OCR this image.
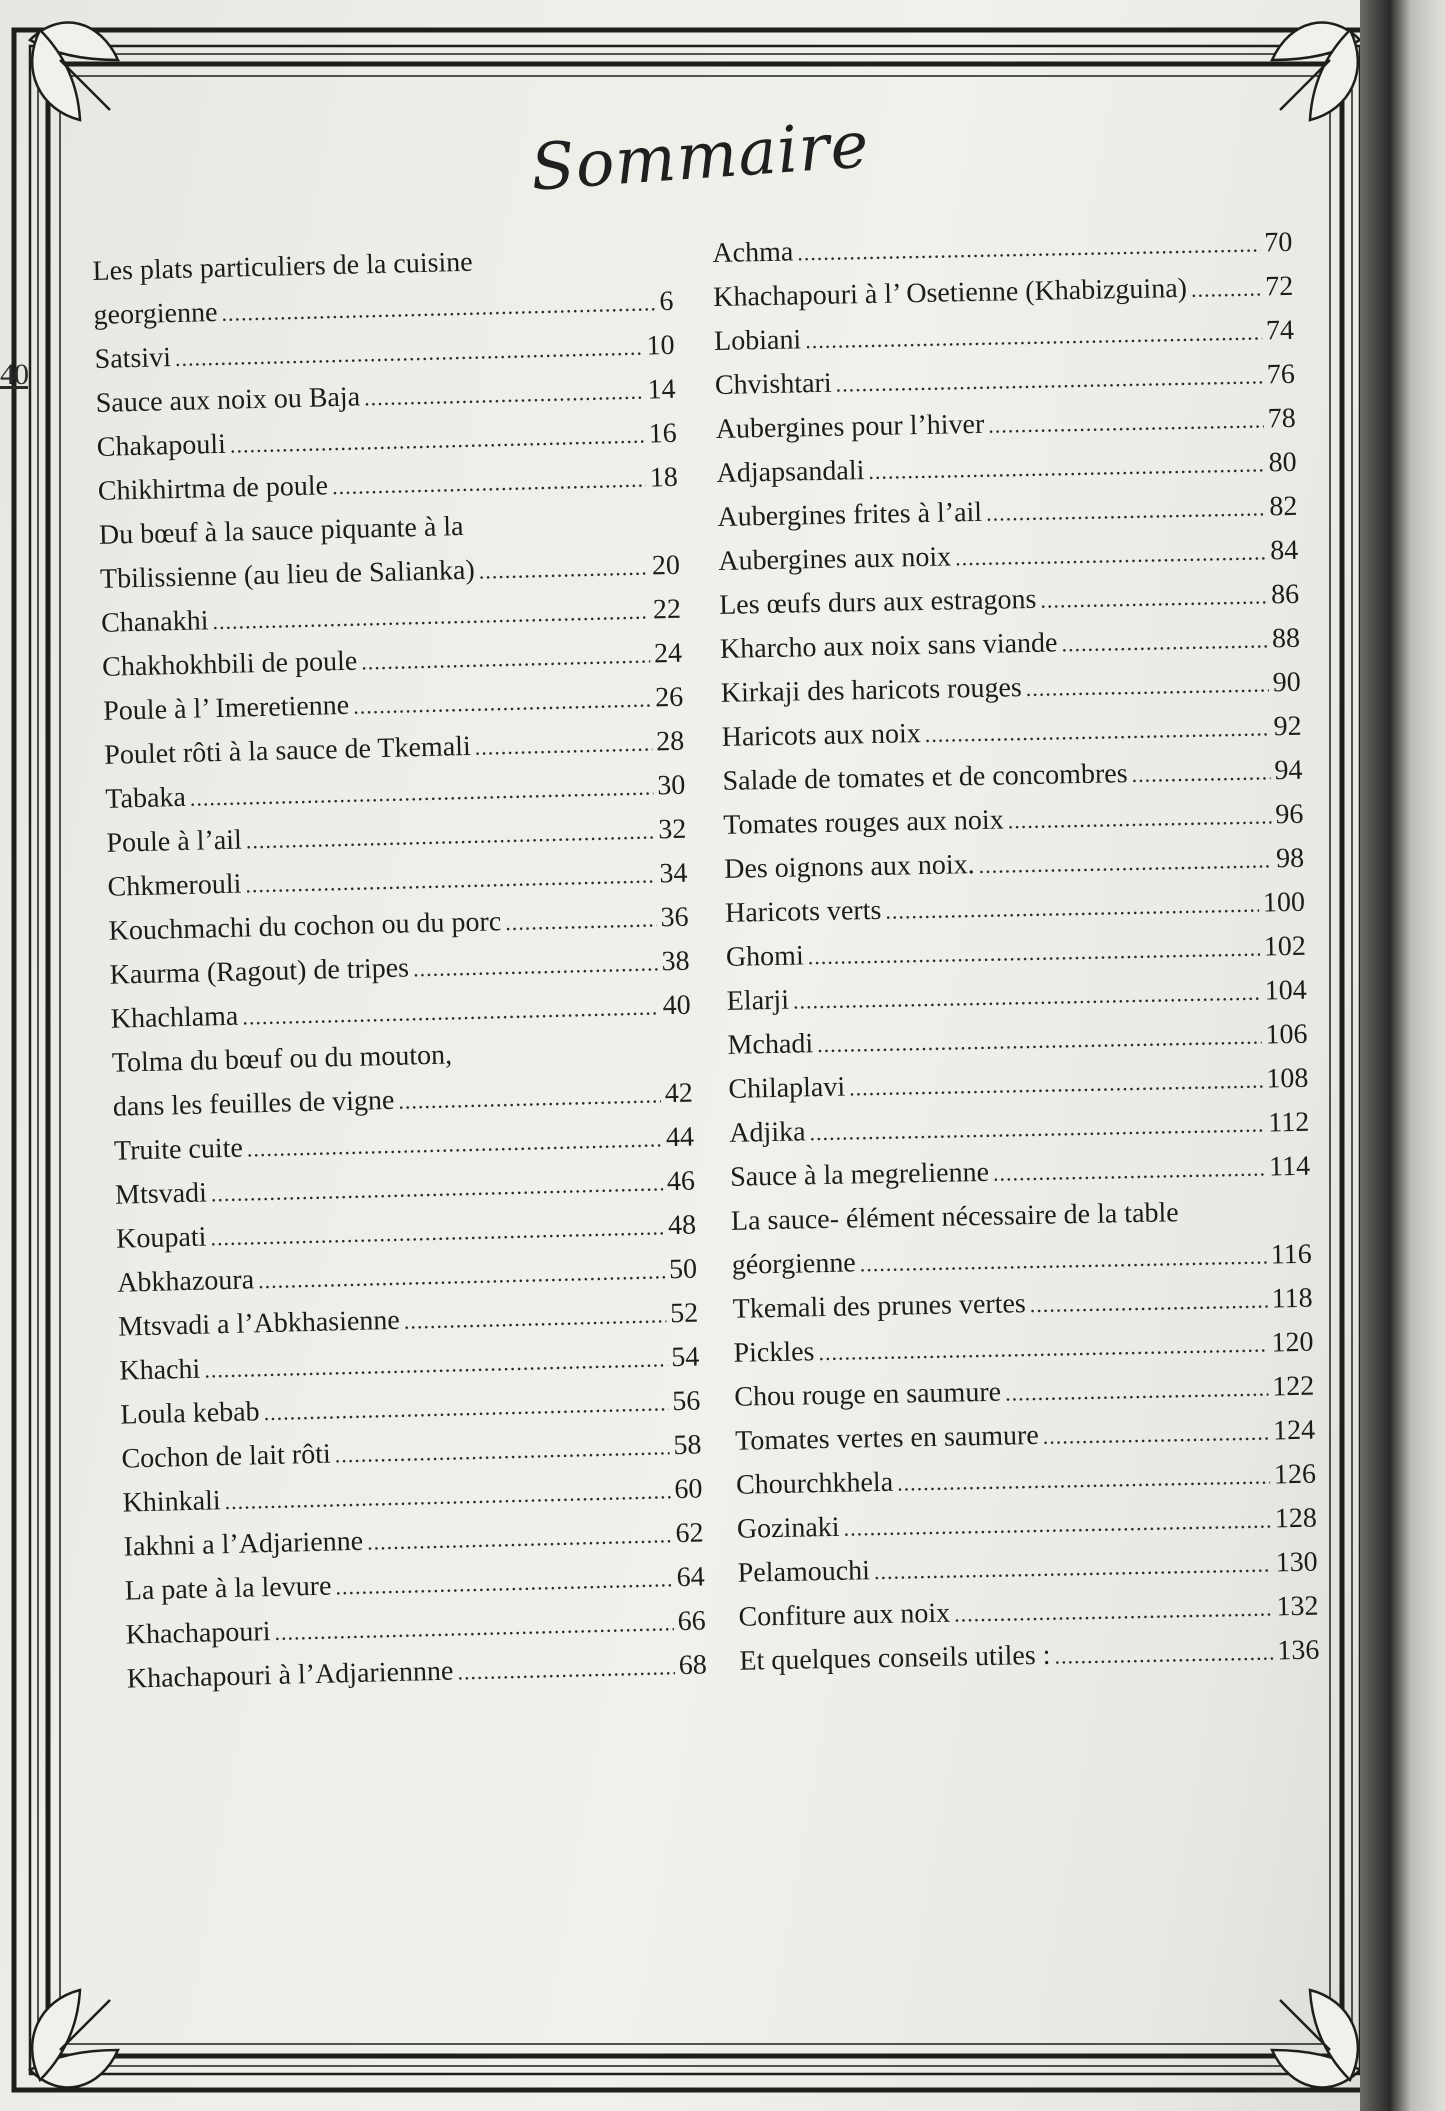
40
Sommaire
Les plats particuliers de la cuisine
georgienne .....	6
Satsivi .....	10
Sauce aux noix ou Baja .....	14
Chakapouli .....	16
Chikhirtma de poule .....	18
Du bœuf à la sauce piquante à la
Tbilissienne (au lieu de Salianka) .....	20
Chanakhi .....	22
Chakhokhbili de poule .....	24
Poule à l’ Imeretienne .....	26
Poulet rôti à la sauce de Tkemali .....	28
Tabaka .....	30
Poule à l’ail .....	32
Chkmerouli .....	34
Kouchmachi du cochon ou du porc .....	36
Kaurma (Ragout) de tripes .....	38
Khachlama .....	40
Tolma du bœuf ou du mouton,
dans les feuilles de vigne .....	42
Truite cuite .....	44
Mtsvadi .....	46
Koupati .....	48
Abkhazoura .....	50
Mtsvadi a l’Abkhasienne .....	52
Khachi .....	54
Loula kebab .....	56
Cochon de lait rôti .....	58
Khinkali .....	60
Iakhni a l’Adjarienne .....	62
La pate à la levure .....	64
Khachapouri .....	66
Khachapouri à l’Adjariennne .....	68
Achma .....	70
Khachapouri à l’ Osetienne (Khabizguina) .....	72
Lobiani .....	74
Chvishtari .....	76
Aubergines pour l’hiver .....	78
Adjapsandali .....	80
Aubergines frites à l’ail .....	82
Aubergines aux noix .....	84
Les œufs durs aux estragons .....	86
Kharcho aux noix sans viande .....	88
Kirkaji des haricots rouges .....	90
Haricots aux noix .....	92
Salade de tomates et de concombres .....	94
Tomates rouges aux noix .....	96
Des oignons aux noix. .....	98
Haricots verts .....	100
Ghomi .....	102
Elarji .....	104
Mchadi .....	106
Chilaplavi .....	108
Adjika .....	112
Sauce à la megrelienne .....	114
La sauce- élément nécessaire de la table
géorgienne .....	116
Tkemali des prunes vertes .....	118
Pickles .....	120
Chou rouge en saumure .....	122
Tomates vertes en saumure .....	124
Chourchkhela .....	126
Gozinaki .....	128
Pelamouchi .....	130
Confiture aux noix .....	132
Et quelques conseils utiles : .....	136
